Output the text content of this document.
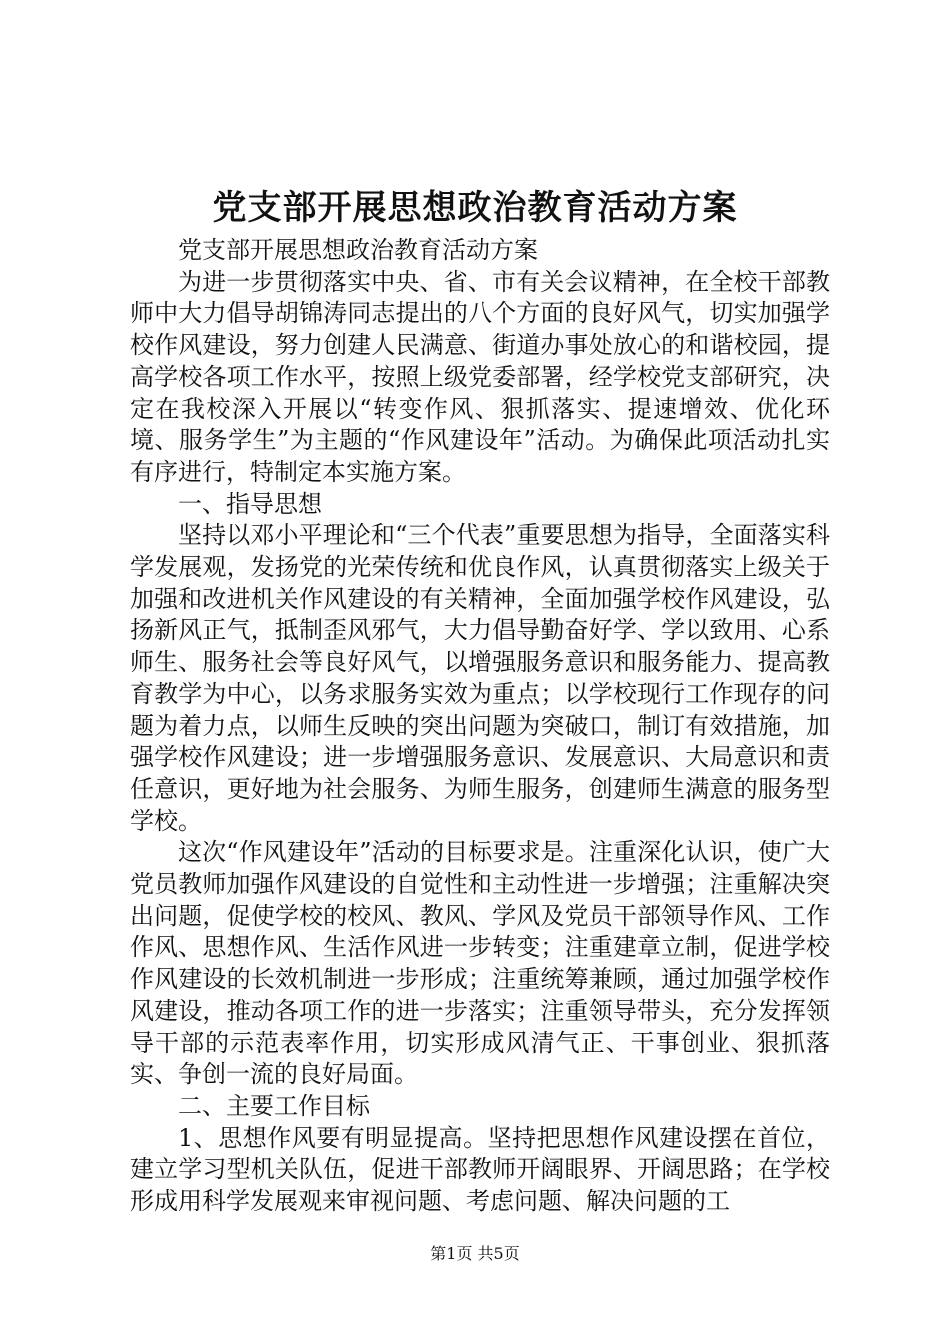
党支部开展思想政治教育活动方案

党支部开展思想政治教育活动方案

为进一步贯彻落实中央、省、市有关会议精神，在全校干部教师中大力倡导胡锦涛同志提出的八个方面的良好风气，切实加强学校作风建设，努力创建人民满意、街道办事处放心的和谐校园，提高学校各项工作水平，按照上级党委部署，经学校党支部研究，决定在我校深入开展以“转变作风、狠抓落实、提速增效、优化环境、服务学生”为主题的“作风建设年”活动。为确保此项活动扎实有序进行，特制定本实施方案。

一、指导思想

坚持以邓小平理论和“三个代表”重要思想为指导，全面落实科学发展观，发扬党的光荣传统和优良作风，认真贯彻落实上级关于加强和改进机关作风建设的有关精神，全面加强学校作风建设，弘扬新风正气，抵制歪风邪气，大力倡导勤奋好学、学以致用、心系师生、服务社会等良好风气，以增强服务意识和服务能力、提高教育教学为中心，以务求服务实效为重点；以学校现行工作现存的问题为着力点，以师生反映的突出问题为突破口，制订有效措施，加强学校作风建设；进一步增强服务意识、发展意识、大局意识和责任意识，更好地为社会服务、为师生服务，创建师生满意的服务型学校。

这次“作风建设年”活动的目标要求是。注重深化认识，使广大党员教师加强作风建设的自觉性和主动性进一步增强；注重解决突出问题，促使学校的校风、教风、学风及党员干部领导作风、工作作风、思想作风、生活作风进一步转变；注重建章立制，促进学校作风建设的长效机制进一步形成；注重统筹兼顾，通过加强学校作风建设，推动各项工作的进一步落实；注重领导带头，充分发挥领导干部的示范表率作用，切实形成风清气正、干事创业、狠抓落实、争创一流的良好局面。

二、主要工作目标

1、思想作风要有明显提高。坚持把思想作风建设摆在首位，建立学习型机关队伍，促进干部教师开阔眼界、开阔思路；在学校形成用科学发展观来审视问题、考虑问题、解决问题的工

第1页 共5页
